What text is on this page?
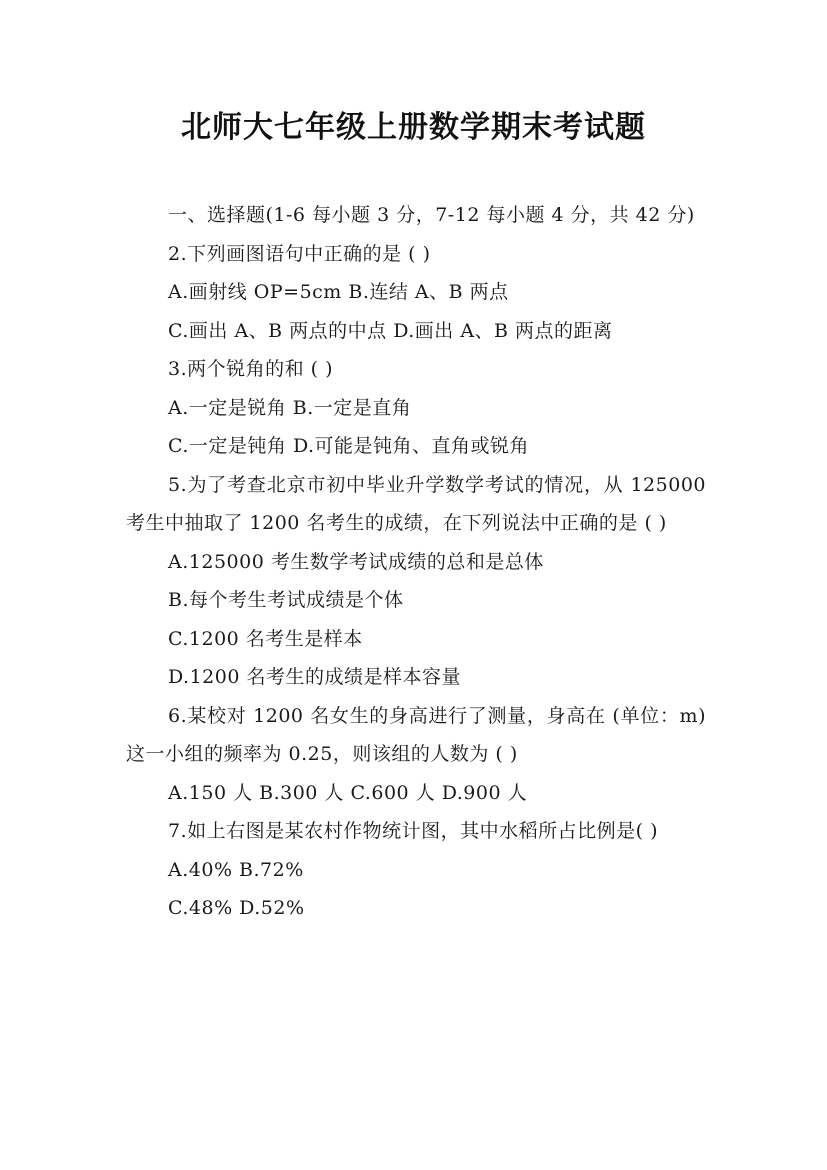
北师大七年级上册数学期末考试题

一、选择题(1-6 每小题 3 分，7-12 每小题 4 分，共 42 分)

2.下列画图语句中正确的是 ( )

A.画射线 OP=5cm B.连结 A、B 两点

C.画出 A、B 两点的中点 D.画出 A、B 两点的距离

3.两个锐角的和 ( )

A.一定是锐角 B.一定是直角

C.一定是钝角 D.可能是钝角、直角或锐角

5.为了考查北京市初中毕业升学数学考试的情况，从 125000 考生中抽取了 1200 名考生的成绩，在下列说法中正确的是 ( )

A.125000 考生数学考试成绩的总和是总体

B.每个考生考试成绩是个体

C.1200 名考生是样本

D.1200 名考生的成绩是样本容量

6.某校对 1200 名女生的身高进行了测量，身高在 (单位：m)这一小组的频率为 0.25，则该组的人数为 ( )

A.150 人 B.300 人 C.600 人 D.900 人

7.如上右图是某农村作物统计图，其中水稻所占比例是( )

A.40% B.72%

C.48% D.52%
